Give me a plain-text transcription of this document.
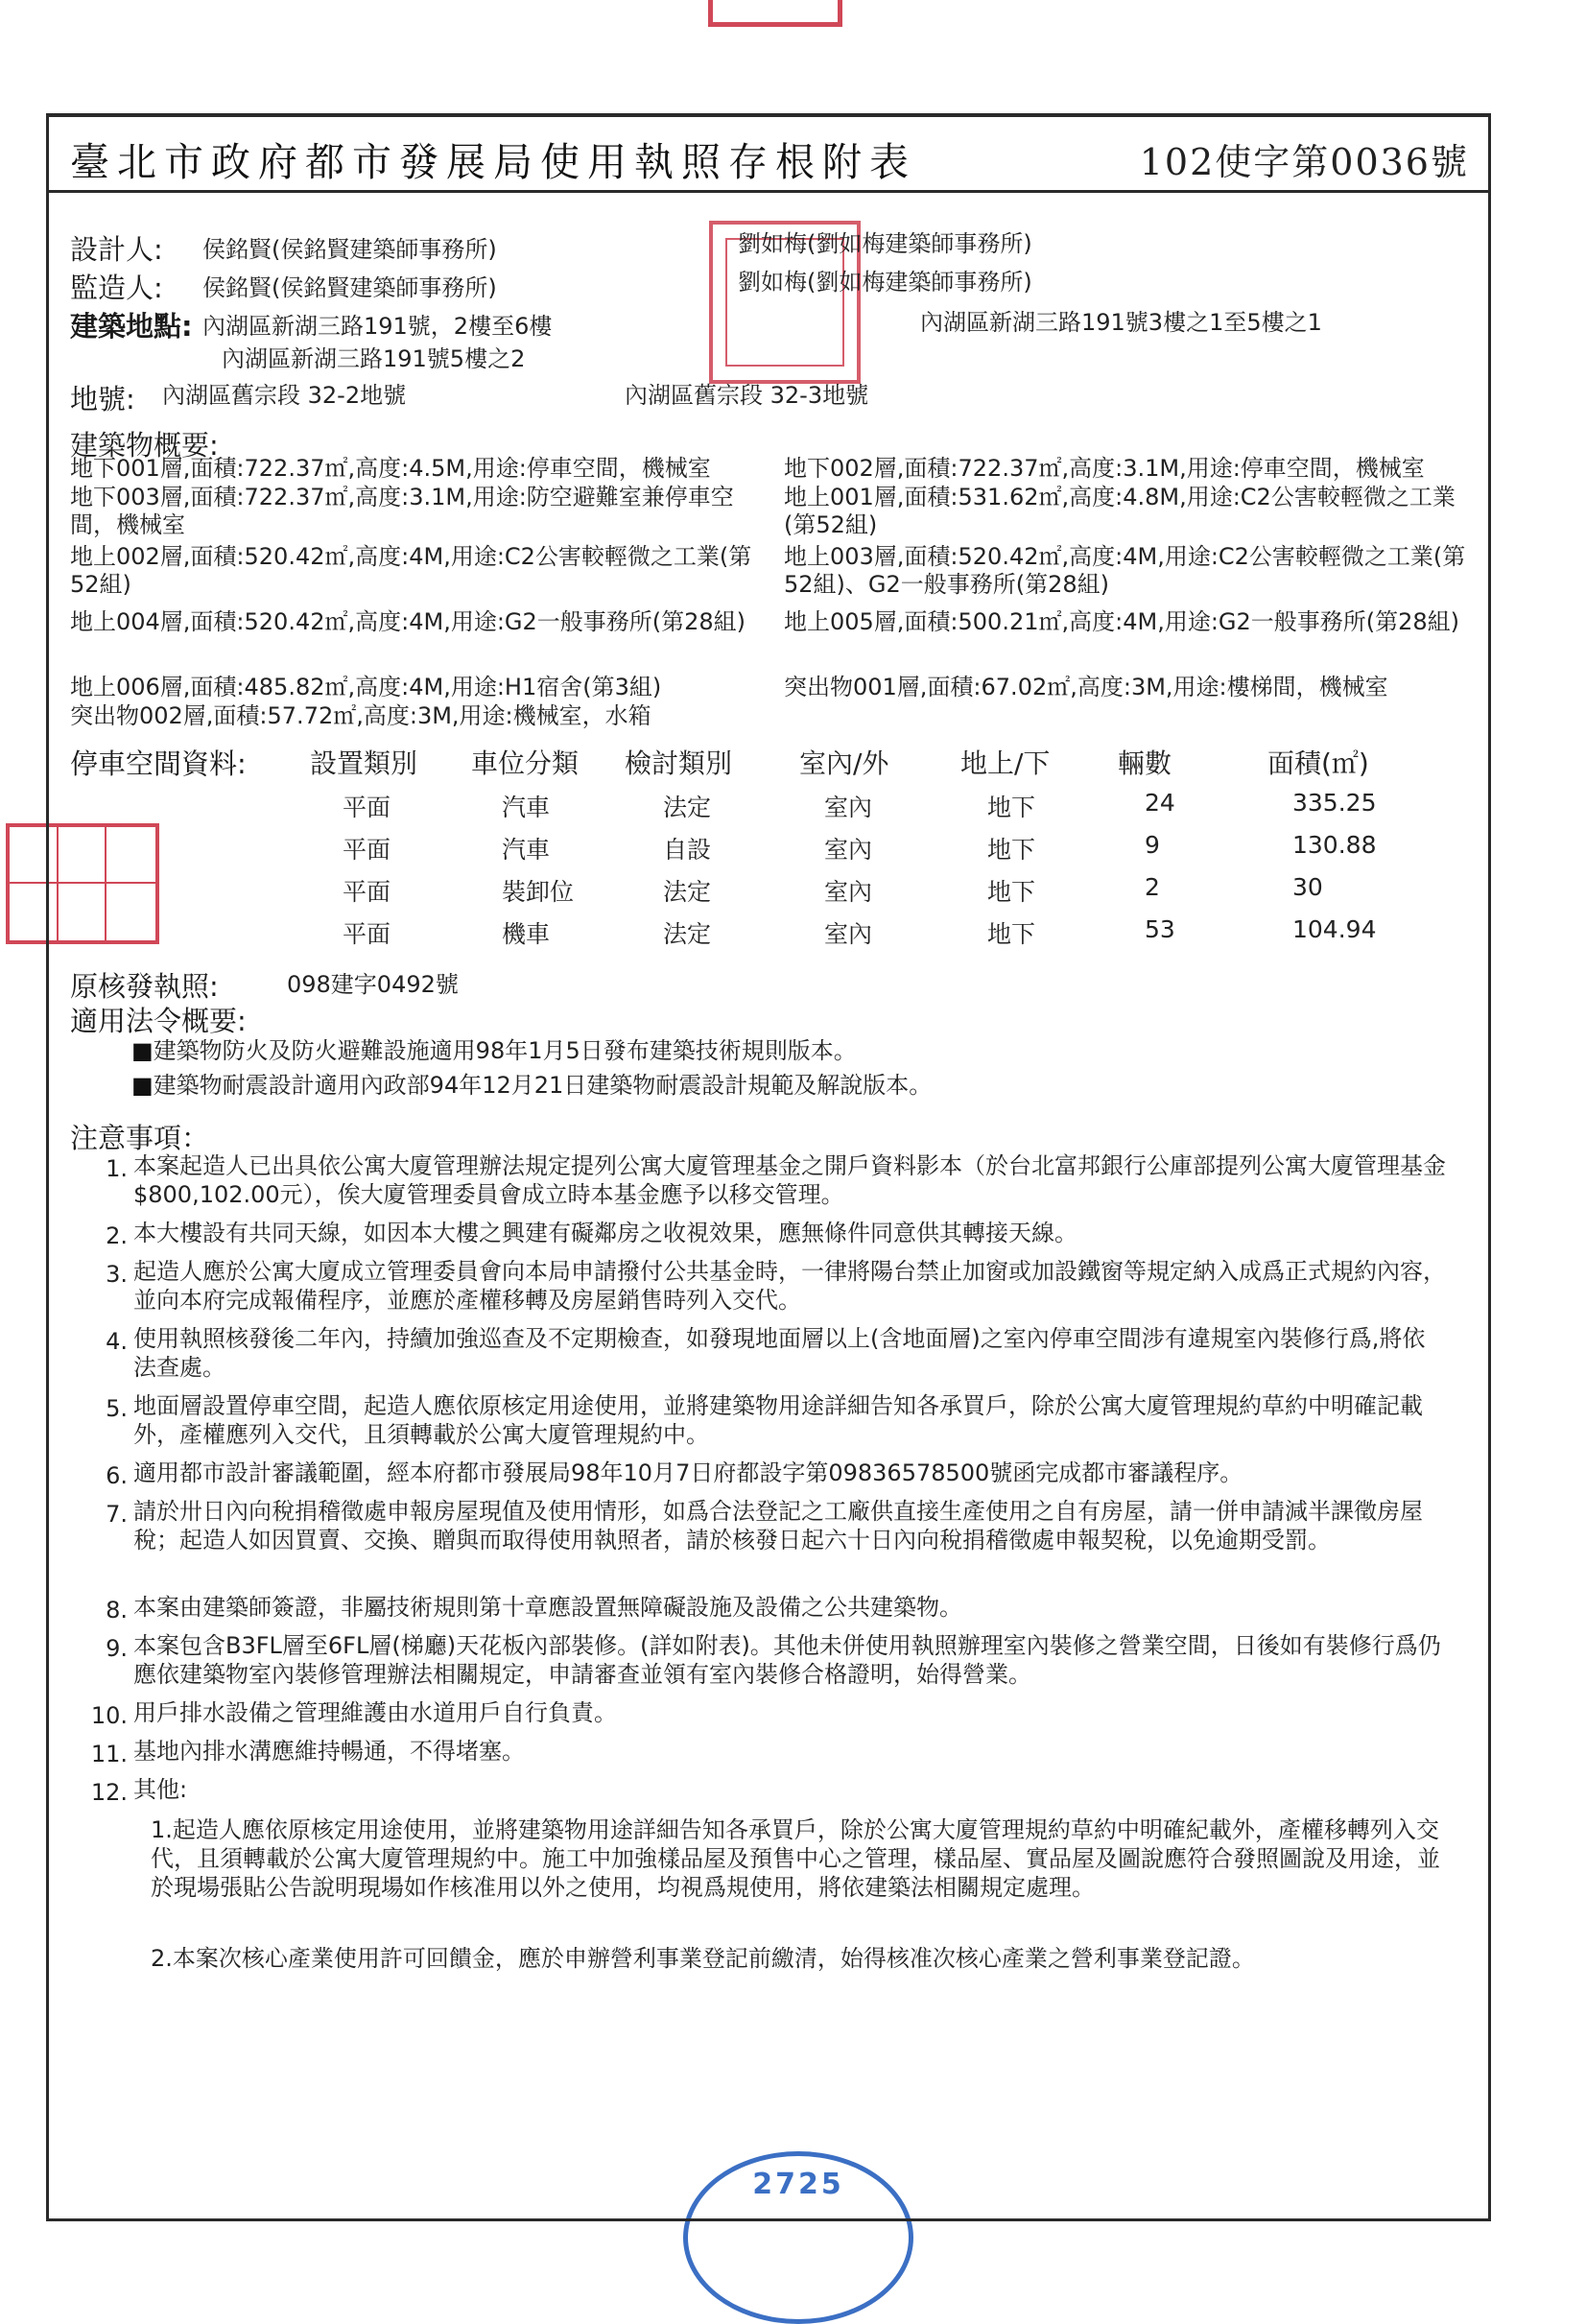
2725
臺北市政府都市發展局使用執照存根附表	102使字第0036號
設計人: 侯銘賢(侯銘賢建築師事務所)	劉如梅(劉如梅建築師事務所)
監造人: 侯銘賢(侯銘賢建築師事務所)	劉如梅(劉如梅建築師事務所)
建築地點: 內湖區新湖三路191號，2樓至6樓
內湖區新湖三路191號5樓之2
內湖區新湖三路191號3樓之1至5樓之1
地號: 內湖區舊宗段 32-2地號	內湖區舊宗段 32-3地號
建築物概要:
地下001層,面積:722.37㎡,高度:4.5M,用途:停車空間，機械室
地下003層,面積:722.37㎡,高度:3.1M,用途:防空避難室兼停車空間，機械室
地上002層,面積:520.42㎡,高度:4M,用途:C2公害較輕微之工業(第52組)
地上004層,面積:520.42㎡,高度:4M,用途:G2一般事務所(第28組)
地上006層,面積:485.82㎡,高度:4M,用途:H1宿舍(第3組)
突出物002層,面積:57.72㎡,高度:3M,用途:機械室，水箱
地下002層,面積:722.37㎡,高度:3.1M,用途:停車空間，機械室
地上001層,面積:531.62㎡,高度:4.8M,用途:C2公害較輕微之工業(第52組)
地上003層,面積:520.42㎡,高度:4M,用途:C2公害較輕微之工業(第52組)、G2一般事務所(第28組)
地上005層,面積:500.21㎡,高度:4M,用途:G2一般事務所(第28組)
突出物001層,面積:67.02㎡,高度:3M,用途:樓梯間，機械室
停車空間資料: 設置類別 車位分類 檢討類別 室內/外	地上/下	輛數	面積(㎡)
平面	汽車	法定	室內	地下	24	335.25
平面	汽車	自設	室內	地下	9	130.88
平面	裝卸位	法定	室內	地下	2	30
平面	機車	法定	室內	地下	53	104.94
原核發執照:	098建字0492號
適用法令概要:
■建築物防火及防火避難設施適用98年1月5日發布建築技術規則版本。
■建築物耐震設計適用內政部94年12月21日建築物耐震設計規範及解說版本。
注意事項：
1. 本案起造人已出具依公寓大廈管理辦法規定提列公寓大廈管理基金之開戶資料影本（於台北富邦銀行公庫部提列公寓大廈管理基金$800,102.00元），俟大廈管理委員會成立時本基金應予以移交管理。
2. 本大樓設有共同天線，如因本大樓之興建有礙鄰房之收視效果，應無條件同意供其轉接天線。
3. 起造人應於公寓大廈成立管理委員會向本局申請撥付公共基金時，一律將陽台禁止加窗或加設鐵窗等規定納入成爲正式規約內容，並向本府完成報備程序，並應於產權移轉及房屋銷售時列入交代。
4. 使用執照核發後二年內，持續加強巡查及不定期檢查，如發現地面層以上(含地面層)之室內停車空間涉有違規室內裝修行爲,將依法查處。
5. 地面層設置停車空間，起造人應依原核定用途使用，並將建築物用途詳細告知各承買戶，除於公寓大廈管理規約草約中明確記載外，產權應列入交代，且須轉載於公寓大廈管理規約中。
6. 適用都市設計審議範圍，經本府都市發展局98年10月7日府都設字第09836578500號函完成都市審議程序。
7. 請於卅日內向稅捐稽徵處申報房屋現值及使用情形，如爲合法登記之工廠供直接生產使用之自有房屋，請一併申請減半課徵房屋稅；起造人如因買賣、交換、贈與而取得使用執照者，請於核發日起六十日內向稅捐稽徵處申報契稅，以免逾期受罰。
8. 本案由建築師簽證，非屬技術規則第十章應設置無障礙設施及設備之公共建築物。
9. 本案包含B3FL層至6FL層(梯廳)天花板內部裝修。(詳如附表)。其他未併使用執照辦理室內裝修之營業空間，日後如有裝修行爲仍應依建築物室內裝修管理辦法相關規定，申請審查並領有室內裝修合格證明，始得營業。
10. 用戶排水設備之管理維護由水道用戶自行負責。
11. 基地內排水溝應維持暢通，不得堵塞。
12. 其他:
1.起造人應依原核定用途使用，並將建築物用途詳細告知各承買戶，除於公寓大廈管理規約草約中明確紀載外，產權移轉列入交代，且須轉載於公寓大廈管理規約中。施工中加強樣品屋及預售中心之管理，樣品屋、實品屋及圖說應符合發照圖說及用途，並於現場張貼公告說明現場如作核准用以外之使用，均視爲規使用，將依建築法相關規定處理。
2.本案次核心產業使用許可回饋金，應於申辦營利事業登記前繳清，始得核准次核心產業之營利事業登記證。
